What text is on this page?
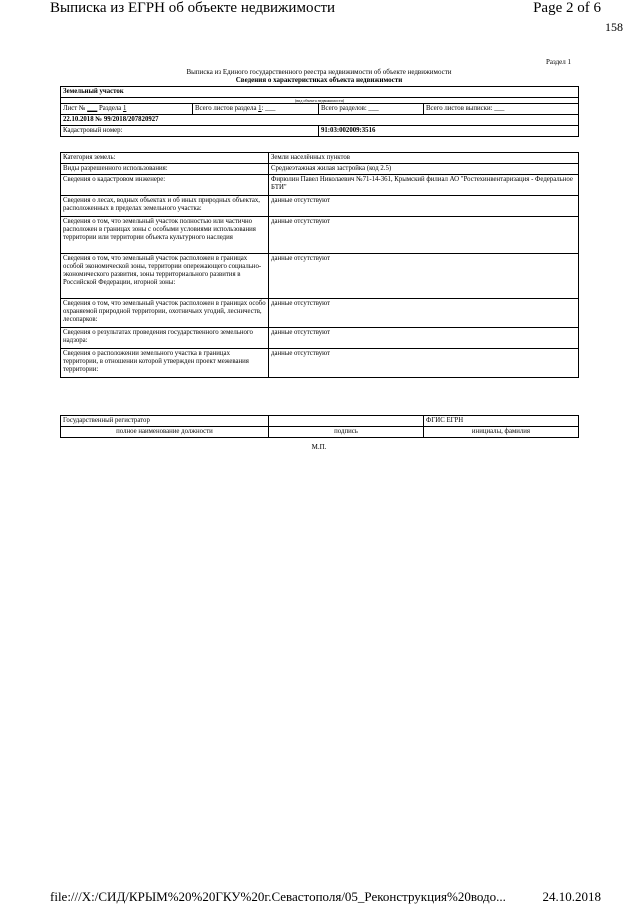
Выписка из ЕГРН об объекте недвижимости	Page 2 of 6
158
Раздел 1
Выписка из Единого государственного реестра недвижимости об объекте недвижимости
Сведения о характеристиках объекта недвижимости
Земельный участок			
(вид объекта недвижимости)			
Лист № ___ Раздела 1	Всего листов раздела 1: ___	Всего разделов: ___	Всего листов выписки: ___
22.10.2018 № 99/2018/207820927			
Кадастровый номер:		91:03:002009:3516	
Категория земель:	Земли населённых пунктов
Виды разрешенного использования:	Среднеэтажная жилая застройка (код 2.5)
Сведения о кадастровом инженере:	Фирюлин Павел Николаевич №71-14-361, Крымский филиал АО "Ростехинвентаризация - Федеральное БТИ"
Сведения о лесах, водных объектах и об иных природных объектах, расположенных в пределах земельного участка:	данные отсутствуют
Сведения о том, что земельный участок полностью или частично расположен в границах зоны с особыми условиями использования территории или территории объекта культурного наследия	данные отсутствуют
Сведения о том, что земельный участок расположен в границах особой экономической зоны, территории опережающего социально-экономического развития, зоны территориального развития в Российской Федерации, игорной зоны:	данные отсутствуют
Сведения о том, что земельный участок расположен в границах особо охраняемой природной территории, охотничьих угодий, лесничеств, лесопарков:	данные отсутствуют
Сведения о результатах проведения государственного земельного надзора:	данные отсутствуют
Сведения о расположении земельного участка в границах территории, в отношении которой утвержден проект межевания территории:	данные отсутствуют
Государственный регистратор		ФГИС ЕГРН
полное наименование должности	подпись	инициалы, фамилия
М.П.
file:///X:/СИД/КРЫМ%20%20ГКУ%20г.Севастополя/05_Реконструкция%20водо...	24.10.2018
